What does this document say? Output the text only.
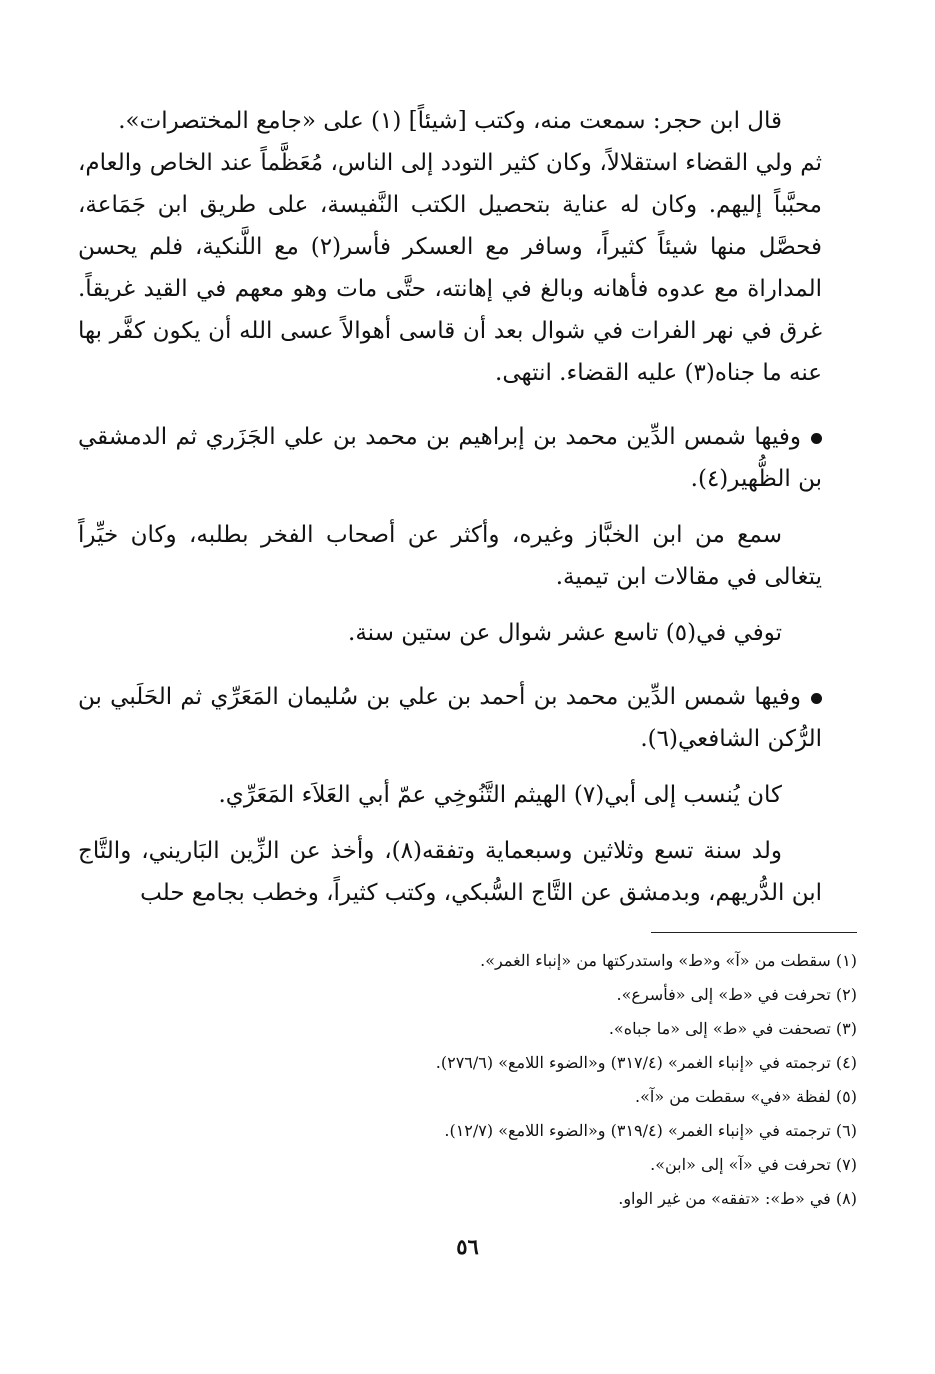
قال ابن حجر: سمعت منه، وكتب [شيئاً] (١) على «جامع المختصرات».

ثم ولي القضاء استقلالاً، وكان كثير التودد إلى الناس، مُعَظَّماً عند الخاص والعام، محبَّباً إليهم. وكان له عناية بتحصيل الكتب النَّفيسة، على طريق ابن جَمَاعة، فحصَّل منها شيئاً كثيراً، وسافر مع العسكر فأسر(٢) مع اللَّنكية، فلم يحسن المداراة مع عدوه فأهانه وبالغ في إهانته، حتَّى مات وهو معهم في القيد غريقاً. غرق في نهر الفرات في شوال بعد أن قاسى أهوالاً عسى الله أن يكون كفَّر بها عنه ما جناه(٣) عليه القضاء. انتهى.

وفيها شمس الدِّين محمد بن إبراهيم بن محمد بن علي الجَزَري ثم الدمشقي بن الظُّهير(٤).

سمع من ابن الخبَّاز وغيره، وأكثر عن أصحاب الفخر بطلبه، وكان خيِّراً يتغالى في مقالات ابن تيمية.

توفي في(٥) تاسع عشر شوال عن ستين سنة.

وفيها شمس الدِّين محمد بن أحمد بن علي بن سُليمان المَعَرِّي ثم الحَلَبي بن الرُّكن الشافعي(٦).

كان يُنسب إلى أبي(٧) الهيثم التَّنُوخِي عمّ أبي العَلاَء المَعَرِّي.

ولد سنة تسع وثلاثين وسبعماية وتفقه(٨)، وأخذ عن الزِّين البَاريني، والتَّاج ابن الدُّريهم، وبدمشق عن التَّاج السُّبكي، وكتب كثيراً، وخطب بجامع حلب

(١) سقطت من «آ» و«ط» واستدركتها من «إنباء الغمر».

(٢) تحرفت في «ط» إلى «فأسرع».

(٣) تصحفت في «ط» إلى «ما جباه».

(٤) ترجمته في «إنباء الغمر» (٣١٧/٤) و«الضوء اللامع» (٢٧٦/٦).

(٥) لفظة «في» سقطت من «آ».

(٦) ترجمته في «إنباء الغمر» (٣١٩/٤) و«الضوء اللامع» (١٢/٧).

(٧) تحرفت في «آ» إلى «ابن».

(٨) في «ط»: «تفقه» من غير الواو.

٥٦
